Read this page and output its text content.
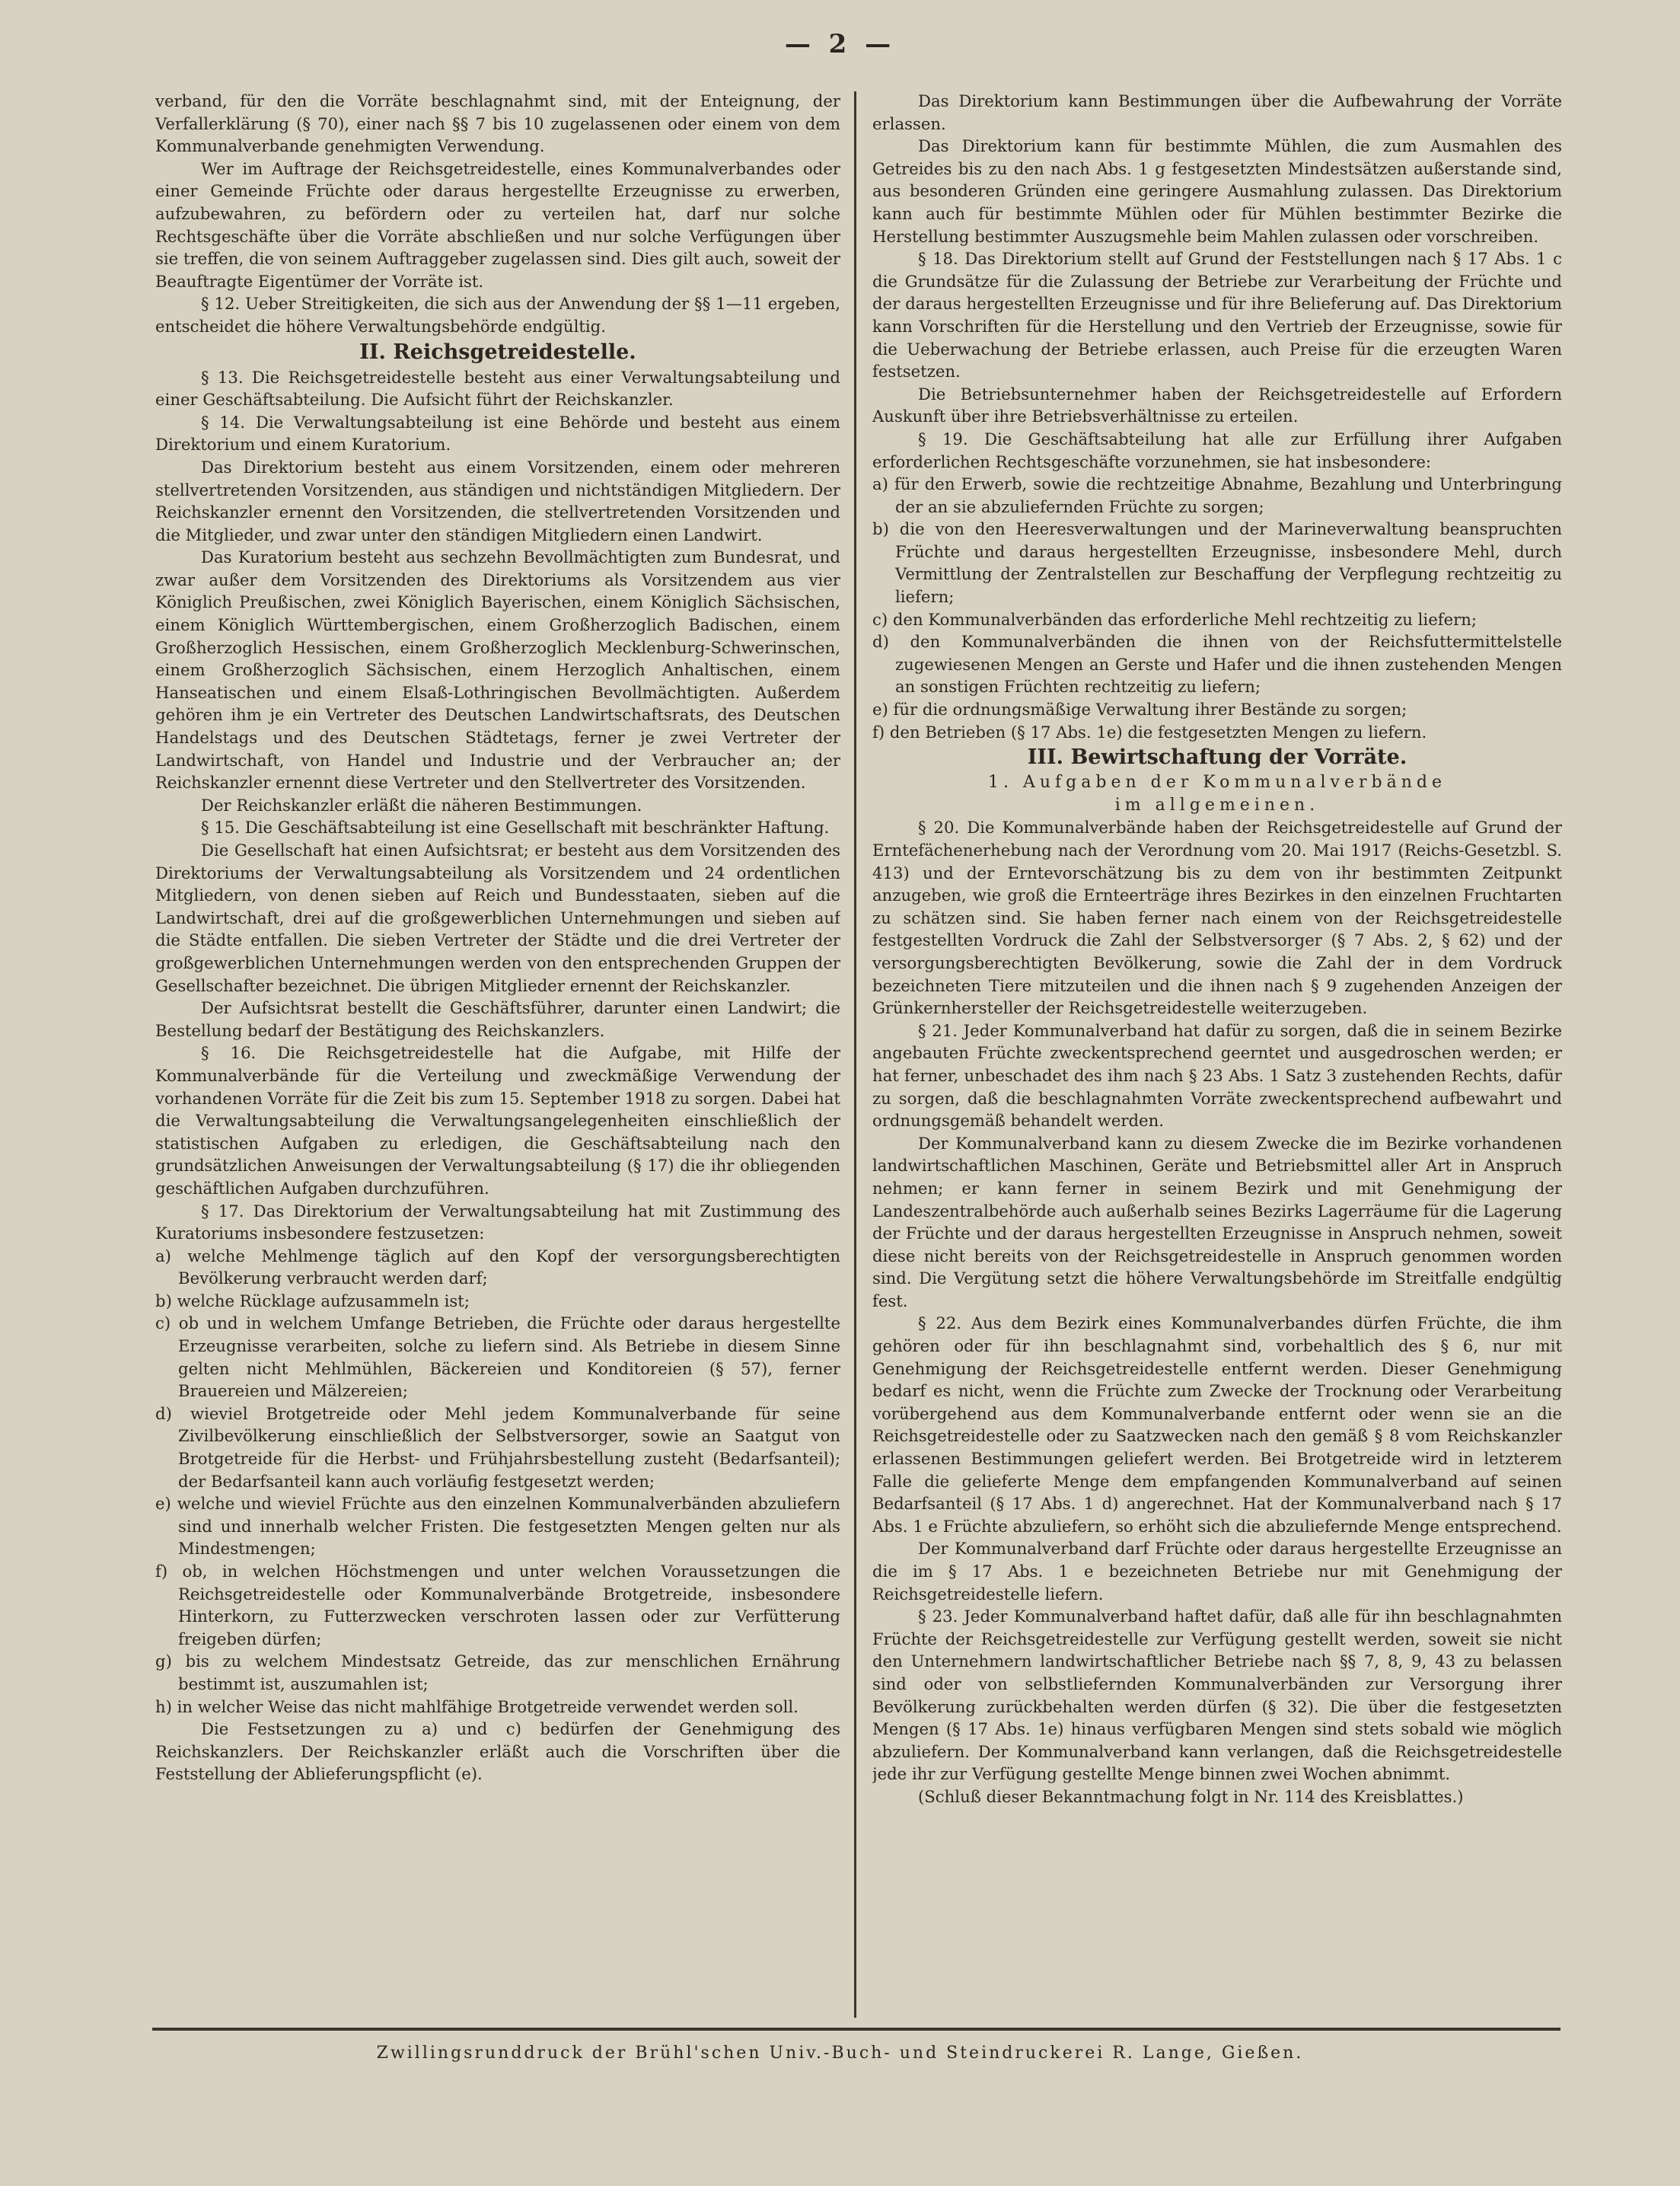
— 2 —

verband, für den die Vorräte beschlagnahmt sind, mit der Enteignung, der Verfallerklärung (§ 70), einer nach §§ 7 bis 10 zugelassenen oder einem von dem Kommunalverbande genehmigten Verwendung.

Wer im Auftrage der Reichsgetreidestelle, eines Kommunalverbandes oder einer Gemeinde Früchte oder daraus hergestellte Erzeugnisse zu erwerben, aufzubewahren, zu befördern oder zu verteilen hat, darf nur solche Rechtsgeschäfte über die Vorräte abschließen und nur solche Verfügungen über sie treffen, die von seinem Auftraggeber zugelassen sind. Dies gilt auch, soweit der Beauftragte Eigentümer der Vorräte ist.

§ 12. Ueber Streitigkeiten, die sich aus der Anwendung der §§ 1—11 ergeben, entscheidet die höhere Verwaltungsbehörde endgültig.

II. Reichsgetreidestelle.

§ 13. Die Reichsgetreidestelle besteht aus einer Verwaltungsabteilung und einer Geschäftsabteilung. Die Aufsicht führt der Reichskanzler.

§ 14. Die Verwaltungsabteilung ist eine Behörde und besteht aus einem Direktorium und einem Kuratorium.

Das Direktorium besteht aus einem Vorsitzenden, einem oder mehreren stellvertretenden Vorsitzenden, aus ständigen und nichtständigen Mitgliedern. Der Reichskanzler ernennt den Vorsitzenden, die stellvertretenden Vorsitzenden und die Mitglieder, und zwar unter den ständigen Mitgliedern einen Landwirt.

Das Kuratorium besteht aus sechzehn Bevollmächtigten zum Bundesrat, und zwar außer dem Vorsitzenden des Direktoriums als Vorsitzendem aus vier Königlich Preußischen, zwei Königlich Bayerischen, einem Königlich Sächsischen, einem Königlich Württembergischen, einem Großherzoglich Badischen, einem Großherzoglich Hessischen, einem Großherzoglich Mecklenburg-Schwerinschen, einem Großherzoglich Sächsischen, einem Herzoglich Anhaltischen, einem Hanseatischen und einem Elsaß-Lothringischen Bevollmächtigten. Außerdem gehören ihm je ein Vertreter des Deutschen Landwirtschaftsrats, des Deutschen Handelstags und des Deutschen Städtetags, ferner je zwei Vertreter der Landwirtschaft, von Handel und Industrie und der Verbraucher an; der Reichskanzler ernennt diese Vertreter und den Stellvertreter des Vorsitzenden.

Der Reichskanzler erläßt die näheren Bestimmungen.

§ 15. Die Geschäftsabteilung ist eine Gesellschaft mit beschränkter Haftung.

Die Gesellschaft hat einen Aufsichtsrat; er besteht aus dem Vorsitzenden des Direktoriums der Verwaltungsabteilung als Vorsitzendem und 24 ordentlichen Mitgliedern, von denen sieben auf Reich und Bundesstaaten, sieben auf die Landwirtschaft, drei auf die großgewerblichen Unternehmungen und sieben auf die Städte entfallen. Die sieben Vertreter der Städte und die drei Vertreter der großgewerblichen Unternehmungen werden von den entsprechenden Gruppen der Gesellschafter bezeichnet. Die übrigen Mitglieder ernennt der Reichskanzler.

Der Aufsichtsrat bestellt die Geschäftsführer, darunter einen Landwirt; die Bestellung bedarf der Bestätigung des Reichskanzlers.

§ 16. Die Reichsgetreidestelle hat die Aufgabe, mit Hilfe der Kommunalverbände für die Verteilung und zweckmäßige Verwendung der vorhandenen Vorräte für die Zeit bis zum 15. September 1918 zu sorgen. Dabei hat die Verwaltungsabteilung die Verwaltungsangelegenheiten einschließlich der statistischen Aufgaben zu erledigen, die Geschäftsabteilung nach den grundsätzlichen Anweisungen der Verwaltungsabteilung (§ 17) die ihr obliegenden geschäftlichen Aufgaben durchzuführen.

§ 17. Das Direktorium der Verwaltungsabteilung hat mit Zustimmung des Kuratoriums insbesondere festzusetzen:

a) welche Mehlmenge täglich auf den Kopf der versorgungsberechtigten Bevölkerung verbraucht werden darf;
b) welche Rücklage aufzusammeln ist;
c) ob und in welchem Umfange Betrieben, die Früchte oder daraus hergestellte Erzeugnisse verarbeiten, solche zu liefern sind. Als Betriebe in diesem Sinne gelten nicht Mehlmühlen, Bäckereien und Konditoreien (§ 57), ferner Brauereien und Mälzereien;
d) wieviel Brotgetreide oder Mehl jedem Kommunalverbande für seine Zivilbevölkerung einschließlich der Selbstversorger, sowie an Saatgut von Brotgetreide für die Herbst- und Frühjahrsbestellung zusteht (Bedarfsanteil); der Bedarfsanteil kann auch vorläufig festgesetzt werden;
e) welche und wieviel Früchte aus den einzelnen Kommunalverbänden abzuliefern sind und innerhalb welcher Fristen. Die festgesetzten Mengen gelten nur als Mindestmengen;
f) ob, in welchen Höchstmengen und unter welchen Voraussetzungen die Reichsgetreidestelle oder Kommunalverbände Brotgetreide, insbesondere Hinterkorn, zu Futterzwecken verschroten lassen oder zur Verfütterung freigeben dürfen;
g) bis zu welchem Mindestsatz Getreide, das zur menschlichen Ernährung bestimmt ist, auszumahlen ist;
h) in welcher Weise das nicht mahlfähige Brotgetreide verwendet werden soll.

Die Festsetzungen zu a) und c) bedürfen der Genehmigung des Reichskanzlers. Der Reichskanzler erläßt auch die Vorschriften über die Feststellung der Ablieferungspflicht (e).

Das Direktorium kann Bestimmungen über die Aufbewahrung der Vorräte erlassen.

Das Direktorium kann für bestimmte Mühlen, die zum Ausmahlen des Getreides bis zu den nach Abs. 1 g festgesetzten Mindestsätzen außerstande sind, aus besonderen Gründen eine geringere Ausmahlung zulassen. Das Direktorium kann auch für bestimmte Mühlen oder für Mühlen bestimmter Bezirke die Herstellung bestimmter Auszugsmehle beim Mahlen zulassen oder vorschreiben.

§ 18. Das Direktorium stellt auf Grund der Feststellungen nach § 17 Abs. 1 c die Grundsätze für die Zulassung der Betriebe zur Verarbeitung der Früchte und der daraus hergestellten Erzeugnisse und für ihre Belieferung auf. Das Direktorium kann Vorschriften für die Herstellung und den Vertrieb der Erzeugnisse, sowie für die Ueberwachung der Betriebe erlassen, auch Preise für die erzeugten Waren festsetzen.

Die Betriebsunternehmer haben der Reichsgetreidestelle auf Erfordern Auskunft über ihre Betriebsverhältnisse zu erteilen.

§ 19. Die Geschäftsabteilung hat alle zur Erfüllung ihrer Aufgaben erforderlichen Rechtsgeschäfte vorzunehmen, sie hat insbesondere:

a) für den Erwerb, sowie die rechtzeitige Abnahme, Bezahlung und Unterbringung der an sie abzuliefernden Früchte zu sorgen;
b) die von den Heeresverwaltungen und der Marineverwaltung beanspruchten Früchte und daraus hergestellten Erzeugnisse, insbesondere Mehl, durch Vermittlung der Zentralstellen zur Beschaffung der Verpflegung rechtzeitig zu liefern;
c) den Kommunalverbänden das erforderliche Mehl rechtzeitig zu liefern;
d) den Kommunalverbänden die ihnen von der Reichsfuttermittelstelle zugewiesenen Mengen an Gerste und Hafer und die ihnen zustehenden Mengen an sonstigen Früchten rechtzeitig zu liefern;
e) für die ordnungsmäßige Verwaltung ihrer Bestände zu sorgen;
f) den Betrieben (§ 17 Abs. 1e) die festgesetzten Mengen zu liefern.
III. Bewirtschaftung der Vorräte.
1. Aufgaben der Kommunalverbände
im allgemeinen.

§ 20. Die Kommunalverbände haben der Reichsgetreidestelle auf Grund der Erntefächenerhebung nach der Verordnung vom 20. Mai 1917 (Reichs-Gesetzbl. S. 413) und der Erntevorschätzung bis zu dem von ihr bestimmten Zeitpunkt anzugeben, wie groß die Ernteerträge ihres Bezirkes in den einzelnen Fruchtarten zu schätzen sind. Sie haben ferner nach einem von der Reichsgetreidestelle festgestellten Vordruck die Zahl der Selbstversorger (§ 7 Abs. 2, § 62) und der versorgungsberechtigten Bevölkerung, sowie die Zahl der in dem Vordruck bezeichneten Tiere mitzuteilen und die ihnen nach § 9 zugehenden Anzeigen der Grünkernhersteller der Reichsgetreidestelle weiterzugeben.

§ 21. Jeder Kommunalverband hat dafür zu sorgen, daß die in seinem Bezirke angebauten Früchte zweckentsprechend geerntet und ausgedroschen werden; er hat ferner, unbeschadet des ihm nach § 23 Abs. 1 Satz 3 zustehenden Rechts, dafür zu sorgen, daß die beschlagnahmten Vorräte zweckentsprechend aufbewahrt und ordnungsgemäß behandelt werden.

Der Kommunalverband kann zu diesem Zwecke die im Bezirke vorhandenen landwirtschaftlichen Maschinen, Geräte und Betriebsmittel aller Art in Anspruch nehmen; er kann ferner in seinem Bezirk und mit Genehmigung der Landeszentralbehörde auch außerhalb seines Bezirks Lagerräume für die Lagerung der Früchte und der daraus hergestellten Erzeugnisse in Anspruch nehmen, soweit diese nicht bereits von der Reichsgetreidestelle in Anspruch genommen worden sind. Die Vergütung setzt die höhere Verwaltungsbehörde im Streitfalle endgültig fest.

§ 22. Aus dem Bezirk eines Kommunalverbandes dürfen Früchte, die ihm gehören oder für ihn beschlagnahmt sind, vorbehaltlich des § 6, nur mit Genehmigung der Reichsgetreidestelle entfernt werden. Dieser Genehmigung bedarf es nicht, wenn die Früchte zum Zwecke der Trocknung oder Verarbeitung vorübergehend aus dem Kommunalverbande entfernt oder wenn sie an die Reichsgetreidestelle oder zu Saatzwecken nach den gemäß § 8 vom Reichskanzler erlassenen Bestimmungen geliefert werden. Bei Brotgetreide wird in letzterem Falle die gelieferte Menge dem empfangenden Kommunalverband auf seinen Bedarfsanteil (§ 17 Abs. 1 d) angerechnet. Hat der Kommunalverband nach § 17 Abs. 1 e Früchte abzuliefern, so erhöht sich die abzuliefernde Menge entsprechend.

Der Kommunalverband darf Früchte oder daraus hergestellte Erzeugnisse an die im § 17 Abs. 1 e bezeichneten Betriebe nur mit Genehmigung der Reichsgetreidestelle liefern.

§ 23. Jeder Kommunalverband haftet dafür, daß alle für ihn beschlagnahmten Früchte der Reichsgetreidestelle zur Verfügung gestellt werden, soweit sie nicht den Unternehmern landwirtschaftlicher Betriebe nach §§ 7, 8, 9, 43 zu belassen sind oder von selbstliefernden Kommunalverbänden zur Versorgung ihrer Bevölkerung zurückbehalten werden dürfen (§ 32). Die über die festgesetzten Mengen (§ 17 Abs. 1e) hinaus verfügbaren Mengen sind stets sobald wie möglich abzuliefern. Der Kommunalverband kann verlangen, daß die Reichsgetreidestelle jede ihr zur Verfügung gestellte Menge binnen zwei Wochen abnimmt.

(Schluß dieser Bekanntmachung folgt in Nr. 114 des Kreisblattes.)

Zwillingsrunddruck der Brühl'schen Univ.-Buch- und Steindruckerei R. Lange, Gießen.
